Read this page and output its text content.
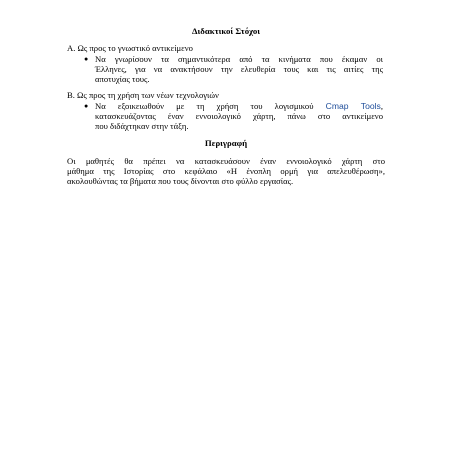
Διδακτικοί Στόχοι
Α. Ως προς το γνωστικό αντικείμενο
● Να γνωρίσουν τα σημαντικότερα από τα κινήματα που έκαμαν οι
Έλληνες, για να ανακτήσουν την ελευθερία τους και τις αιτίες της
αποτυχίας τους.
Β. Ως προς τη χρήση των νέων τεχνολογιών
● Να εξοικειωθούν με τη χρήση του λογισμικού Cmap Tools,
κατασκευάζοντας έναν εννοιολογικό χάρτη, πάνω στο αντικείμενο
που διδάχτηκαν στην τάξη.
Περιγραφή
Οι μαθητές θα πρέπει να κατασκευάσουν έναν εννοιολογικό χάρτη στο
μάθημα της Ιστορίας στο κεφάλαιο «Η ένοπλη ορμή για απελευθέρωση»,
ακολουθώντας τα βήματα που τους δίνονται στο φύλλο εργασίας.
